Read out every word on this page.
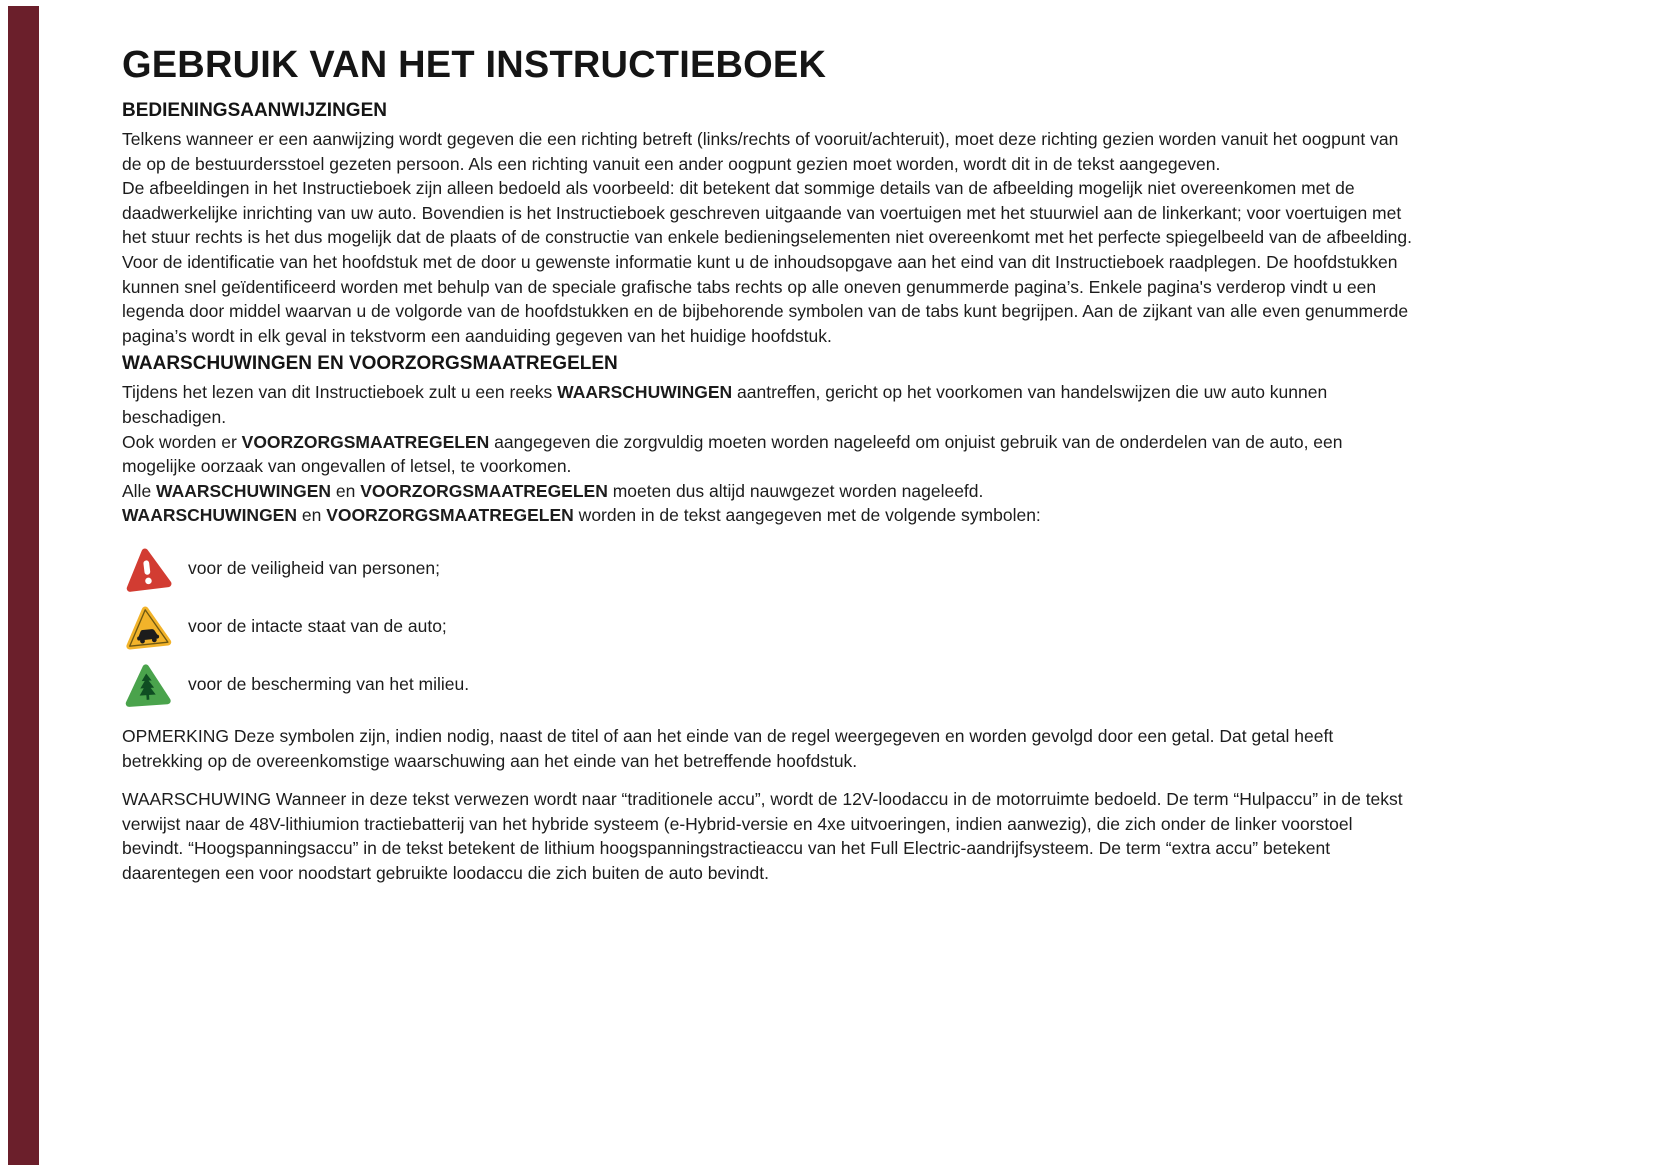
GEBRUIK VAN HET INSTRUCTIEBOEK
BEDIENINGSAANWIJZINGEN

Telkens wanneer er een aanwijzing wordt gegeven die een richting betreft (links/rechts of vooruit/achteruit), moet deze richting gezien worden vanuit het oogpunt van de op de bestuurdersstoel gezeten persoon. Als een richting vanuit een ander oogpunt gezien moet worden, wordt dit in de tekst aangegeven.

De afbeeldingen in het Instructieboek zijn alleen bedoeld als voorbeeld: dit betekent dat sommige details van de afbeelding mogelijk niet overeenkomen met de daadwerkelijke inrichting van uw auto. Bovendien is het Instructieboek geschreven uitgaande van voertuigen met het stuurwiel aan de linkerkant; voor voertuigen met het stuur rechts is het dus mogelijk dat de plaats of de constructie van enkele bedieningselementen niet overeenkomt met het perfecte spiegelbeeld van de afbeelding.

Voor de identificatie van het hoofdstuk met de door u gewenste informatie kunt u de inhoudsopgave aan het eind van dit Instructieboek raadplegen. De hoofdstukken kunnen snel geïdentificeerd worden met behulp van de speciale grafische tabs rechts op alle oneven genummerde pagina’s. Enkele pagina's verderop vindt u een legenda door middel waarvan u de volgorde van de hoofdstukken en de bijbehorende symbolen van de tabs kunt begrijpen. Aan de zijkant van alle even genummerde pagina’s wordt in elk geval in tekstvorm een aanduiding gegeven van het huidige hoofdstuk.

WAARSCHUWINGEN EN VOORZORGSMAATREGELEN

Tijdens het lezen van dit Instructieboek zult u een reeks WAARSCHUWINGEN aantreffen, gericht op het voorkomen van handelswijzen die uw auto kunnen beschadigen.

Ook worden er VOORZORGSMAATREGELEN aangegeven die zorgvuldig moeten worden nageleefd om onjuist gebruik van de onderdelen van de auto, een mogelijke oorzaak van ongevallen of letsel, te voorkomen.

Alle WAARSCHUWINGEN en VOORZORGSMAATREGELEN moeten dus altijd nauwgezet worden nageleefd.

WAARSCHUWINGEN en VOORZORGSMAATREGELEN worden in de tekst aangegeven met de volgende symbolen:

voor de veiligheid van personen;
voor de intacte staat van de auto;
voor de bescherming van het milieu.

OPMERKING Deze symbolen zijn, indien nodig, naast de titel of aan het einde van de regel weergegeven en worden gevolgd door een getal. Dat getal heeft betrekking op de overeenkomstige waarschuwing aan het einde van het betreffende hoofdstuk.

WAARSCHUWING Wanneer in deze tekst verwezen wordt naar “traditionele accu”, wordt de 12V-loodaccu in de motorruimte bedoeld. De term “Hulpaccu” in de tekst verwijst naar de 48V-lithiumion tractiebatterij van het hybride systeem (e-Hybrid-versie en 4xe uitvoeringen, indien aanwezig), die zich onder de linker voorstoel bevindt. “Hoogspanningsaccu” in de tekst betekent de lithium hoogspanningstractieaccu van het Full Electric-aandrijfsysteem. De term “extra accu” betekent daarentegen een voor noodstart gebruikte loodaccu die zich buiten de auto bevindt.
